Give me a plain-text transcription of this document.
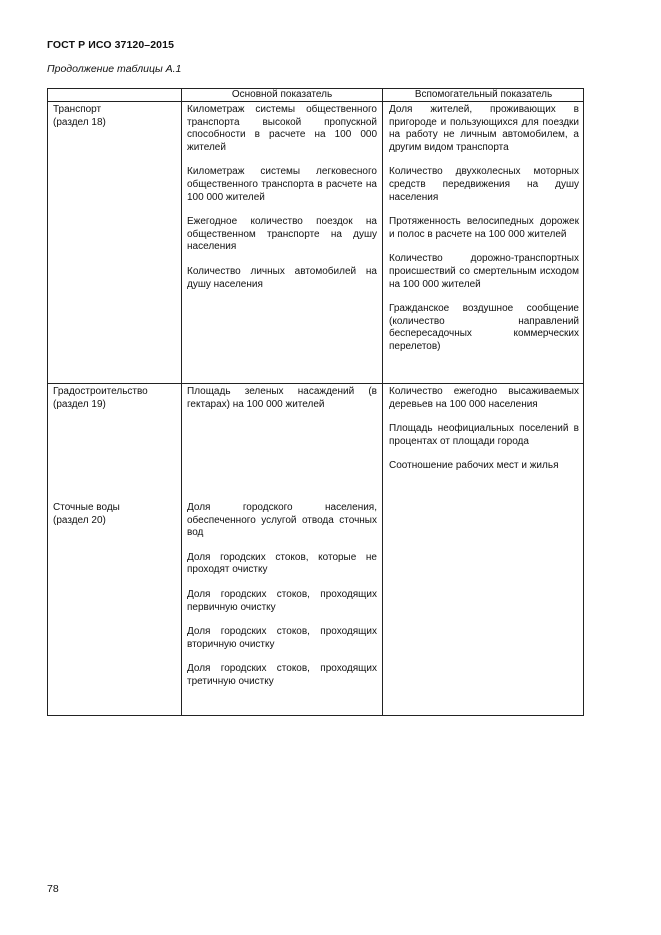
ГОСТ Р ИСО 37120–2015
Продолжение таблицы А.1
Основной показатель	Вспомогательный показатель
Транспорт
(раздел 18)

Километраж системы общественного транспорта высокой пропускной способности в расчете на 100 000 жителей

Километраж системы легковесного общественного транспорта в расчете на 100 000 жителей

Ежегодное количество поездок на общественном транспорте на душу населения

Количество личных автомобилей на душу населения

Доля жителей, проживающих в пригороде и пользующихся для поездки на работу не личным автомобилем, а другим видом транспорта

Количество двухколесных моторных средств передвижения на душу населения

Протяженность велосипедных дорожек и полос в расчете на 100 000 жителей

Количество дорожно-транспортных происшествий со смертельным исходом на 100 000 жителей

Гражданское воздушное сообщение (количество направлений беспересадочных коммерческих перелетов)

Градостроительство
(раздел 19)

Площадь зеленых насаждений (в гектарах) на 100 000 жителей

Количество ежегодно высаживаемых деревьев на 100 000 населения

Площадь неофициальных поселений в процентах от площади города

Соотношение рабочих мест и жилья

Сточные воды
(раздел 20)

Доля городского населения, обеспеченного услугой отвода сточных вод

Доля городских стоков, которые не проходят очистку

Доля городских стоков, проходящих первичную очистку

Доля городских стоков, проходящих вторичную очистку

Доля городских стоков, проходящих третичную очистку

78
